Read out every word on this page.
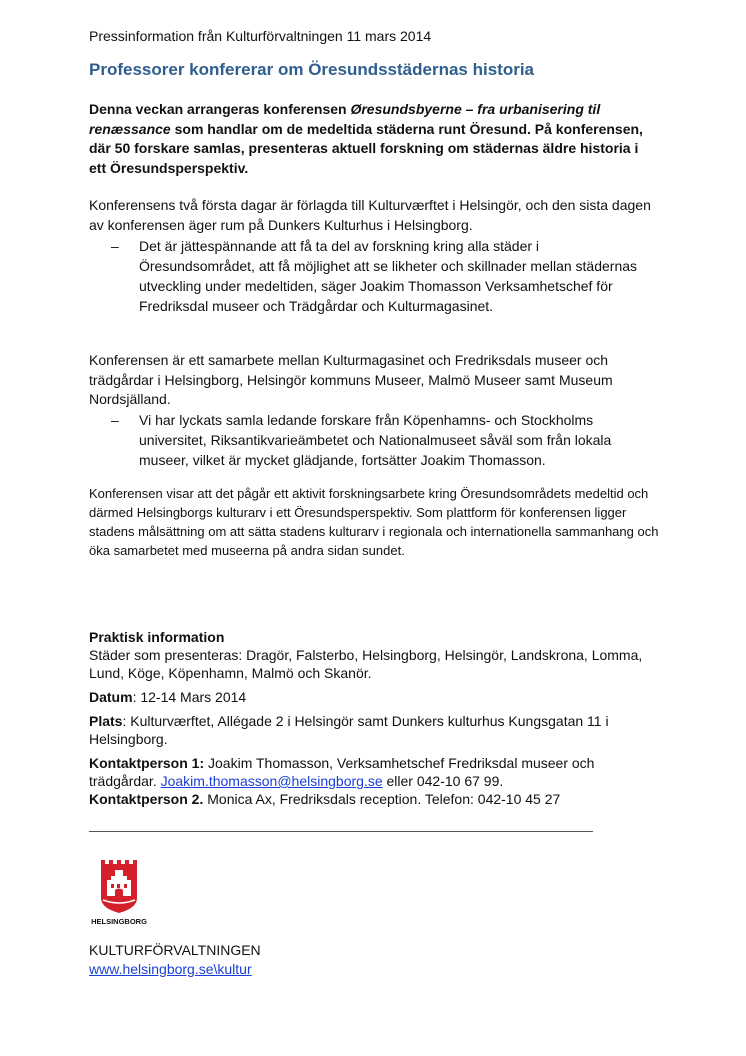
Pressinformation från Kulturförvaltningen 11 mars 2014
Professorer konfererar om Öresundsstädernas historia
Denna veckan arrangeras konferensen Øresundsbyerne – fra urbanisering til renæssance som handlar om de medeltida städerna runt Öresund. På konferensen, där 50 forskare samlas, presenteras aktuell forskning om städernas äldre historia i ett Öresundsperspektiv.
Konferensens två första dagar är förlagda till Kulturværftet i Helsingör, och den sista dagen av konferensen äger rum på Dunkers Kulturhus i Helsingborg.
– Det är jättespännande att få ta del av forskning kring alla städer i Öresundsområdet, att få möjlighet att se likheter och skillnader mellan städernas utveckling under medeltiden, säger Joakim Thomasson Verksamhetschef för Fredriksdal museer och Trädgårdar och Kulturmagasinet.
Konferensen är ett samarbete mellan Kulturmagasinet och Fredriksdals museer och trädgårdar i Helsingborg, Helsingör kommuns Museer, Malmö Museer samt Museum Nordsjälland.
– Vi har lyckats samla ledande forskare från Köpenhamns- och Stockholms universitet, Riksantikvarieämbetet och Nationalmuseet såväl som från lokala museer, vilket är mycket glädjande, fortsätter Joakim Thomasson.
Konferensen visar att det pågår ett aktivit forskningsarbete kring Öresundsområdets medeltid och därmed Helsingborgs kulturarv i ett Öresundsperspektiv. Som plattform för konferensen ligger stadens målsättning om att sätta stadens kulturarv i regionala och internationella sammanhang och öka samarbetet med museerna på andra sidan sundet.

Praktisk information

Städer som presenteras: Dragör, Falsterbo, Helsingborg, Helsingör, Landskrona, Lomma, Lund, Köge, Köpenhamn, Malmö och Skanör.

Datum: 12-14 Mars 2014

Plats: Kulturværftet, Allégade 2 i Helsingör samt Dunkers kulturhus Kungsgatan 11 i Helsingborg.

Kontaktperson 1: Joakim Thomasson, Verksamhetschef Fredriksdal museer och trädgårdar. Joakim.thomasson@helsingborg.se eller 042-10 67 99.

Kontaktperson 2. Monica Ax, Fredriksdals reception. Telefon: 042-10 45 27

HELSINGBORG
KULTURFÖRVALTNINGEN
www.helsingborg.se\kultur
